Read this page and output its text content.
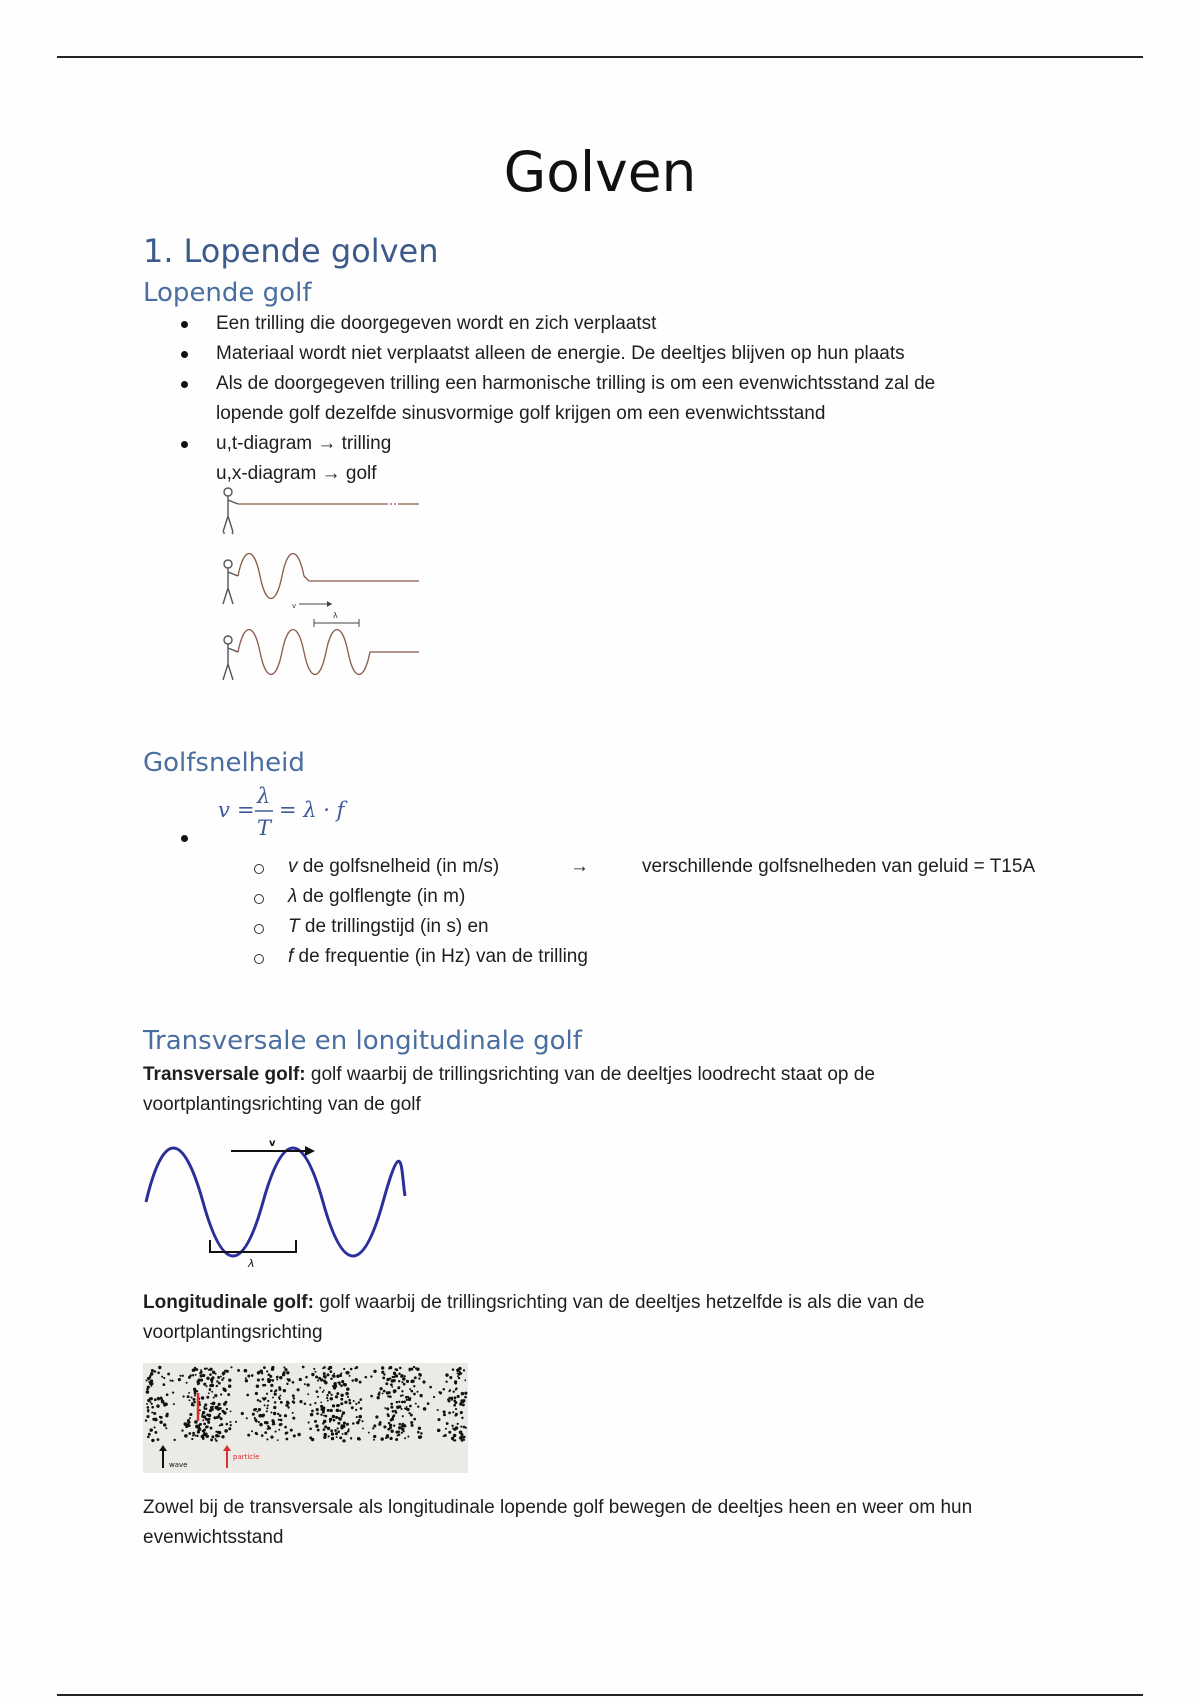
Golven
1. Lopende golven
Lopende golf
Een trilling die doorgegeven wordt en zich verplaatst
Materiaal wordt niet verplaatst alleen de energie. De deeltjes blijven op hun plaats
Als de doorgegeven trilling een harmonische trilling is om een evenwichtsstand zal de lopende golf dezelfde sinusvormige golf krijgen om een evenwichtsstand
u,t-diagram → trilling
u,x-diagram → golf
v
λ
Golfsnelheid
v =
λ
T
= λ · f
v de golfsnelheid (in m/s)
λ de golflengte (in m)
T de trillingstijd (in s) en
f de frequentie (in Hz) van de trilling
→	verschillende golfsnelheden van geluid = T15A
Transversale en longitudinale golf
Transversale golf: golf waarbij de trillingsrichting van de deeltjes loodrecht staat op de voortplantingsrichting van de golf
v
λ
Longitudinale golf: golf waarbij de trillingsrichting van de deeltjes hetzelfde is als die van de voortplantingsrichting
wave
particle
Zowel bij de transversale als longitudinale lopende golf bewegen de deeltjes heen en weer om hun evenwichtsstand
